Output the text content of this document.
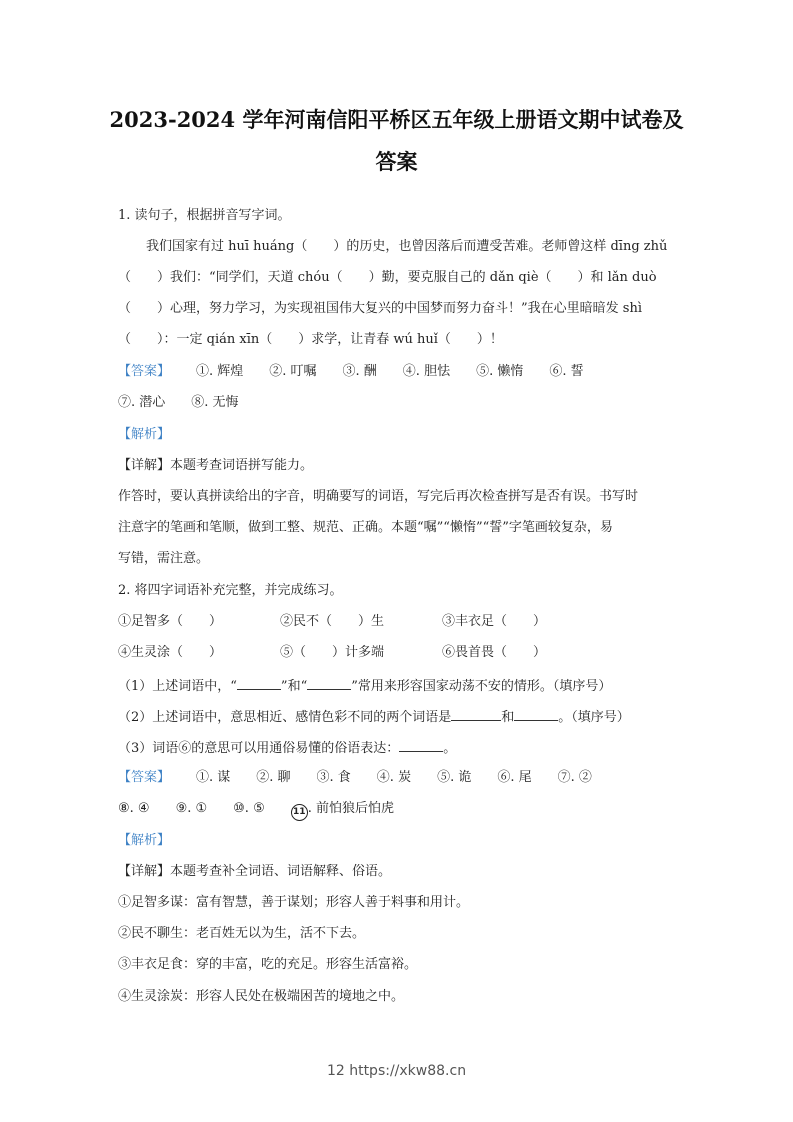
2023-2024 学年河南信阳平桥区五年级上册语文期中试卷及
答案
1. 读句子，根据拼音写字词。
我们国家有过 huī huáng（　　）的历史，也曾因落后而遭受苦难。老师曾这样 dīng zhǔ
（　　）我们：“同学们，天道 chóu（　　）勤，要克服自己的 dǎn qiè（　　）和 lǎn duò
（　　）心理，努力学习，为实现祖国伟大复兴的中国梦而努力奋斗！”我在心里暗暗发 shì
（　　）：一定 qián xīn（　　）求学，让青春 wú huǐ（　　）！
【答案】 ①. 辉煌　　②. 叮嘱　　③. 酬　　④. 胆怯　　⑤. 懒惰　　⑥. 誓
⑦. 潜心　　⑧. 无悔
【解析】
【详解】本题考查词语拼写能力。
作答时，要认真拼读给出的字音，明确要写的词语，写完后再次检查拼写是否有误。书写时
注意字的笔画和笔顺，做到工整、规范、正确。本题“嘱”“懒惰”“誓”字笔画较复杂，易
写错，需注意。
2. 将四字词语补充完整，并完成练习。
①足智多（　　）	②民不（　　）生	③丰衣足（　　）
④生灵涂（　　）	⑤（　　）计多端	⑥畏首畏（　　）
（1）上述词语中，“	”和“	”常用来形容国家动荡不安的情形。（填序号）
（2）上述词语中，意思相近、感情色彩不同的两个词语是	和	。（填序号）
（3）词语⑥的意思可以用通俗易懂的俗语表达：	。
【答案】 ①. 谋　　②. 聊　　③. 食　　④. 炭　　⑤. 诡　　⑥. 尾　　⑦. ②
⑧. ④　　⑨. ①　　⑩. ⑤	11 . 前怕狼后怕虎
【解析】
【详解】本题考查补全词语、词语解释、俗语。
①足智多谋：富有智慧，善于谋划；形容人善于料事和用计。
②民不聊生：老百姓无以为生，活不下去。
③丰衣足食：穿的丰富，吃的充足。形容生活富裕。
④生灵涂炭：形容人民处在极端困苦的境地之中。
12 https://xkw88.cn
